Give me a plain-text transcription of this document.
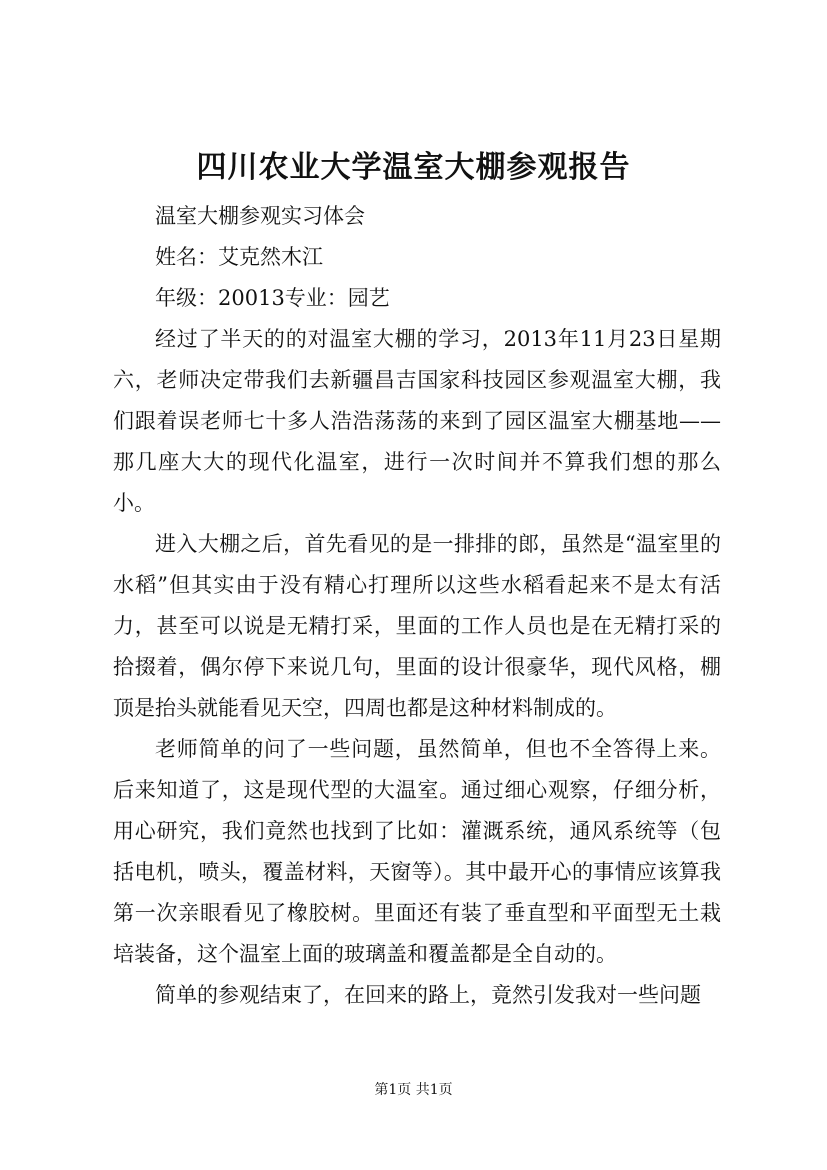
四川农业大学温室大棚参观报告

温室大棚参观实习体会

姓名：艾克然木江

年级：20013专业：园艺

经过了半天的的对温室大棚的学习，2013年11月23日星期六，老师决定带我们去新疆昌吉国家科技园区参观温室大棚，我们跟着误老师七十多人浩浩荡荡的来到了园区温室大棚基地——那几座大大的现代化温室，进行一次时间并不算我们想的那么小。

进入大棚之后，首先看见的是一排排的郎，虽然是“温室里的水稻”但其实由于没有精心打理所以这些水稻看起来不是太有活力，甚至可以说是无精打采，里面的工作人员也是在无精打采的拾掇着，偶尔停下来说几句，里面的设计很豪华，现代风格，棚顶是抬头就能看见天空，四周也都是这种材料制成的。

老师简单的问了一些问题，虽然简单，但也不全答得上来。后来知道了，这是现代型的大温室。通过细心观察，仔细分析，用心研究，我们竟然也找到了比如：灌溉系统，通风系统等（包括电机，喷头，覆盖材料，天窗等）。其中最开心的事情应该算我第一次亲眼看见了橡胶树。里面还有装了垂直型和平面型无土栽培装备，这个温室上面的玻璃盖和覆盖都是全自动的。

简单的参观结束了，在回来的路上，竟然引发我对一些问题

第1页 共1页
